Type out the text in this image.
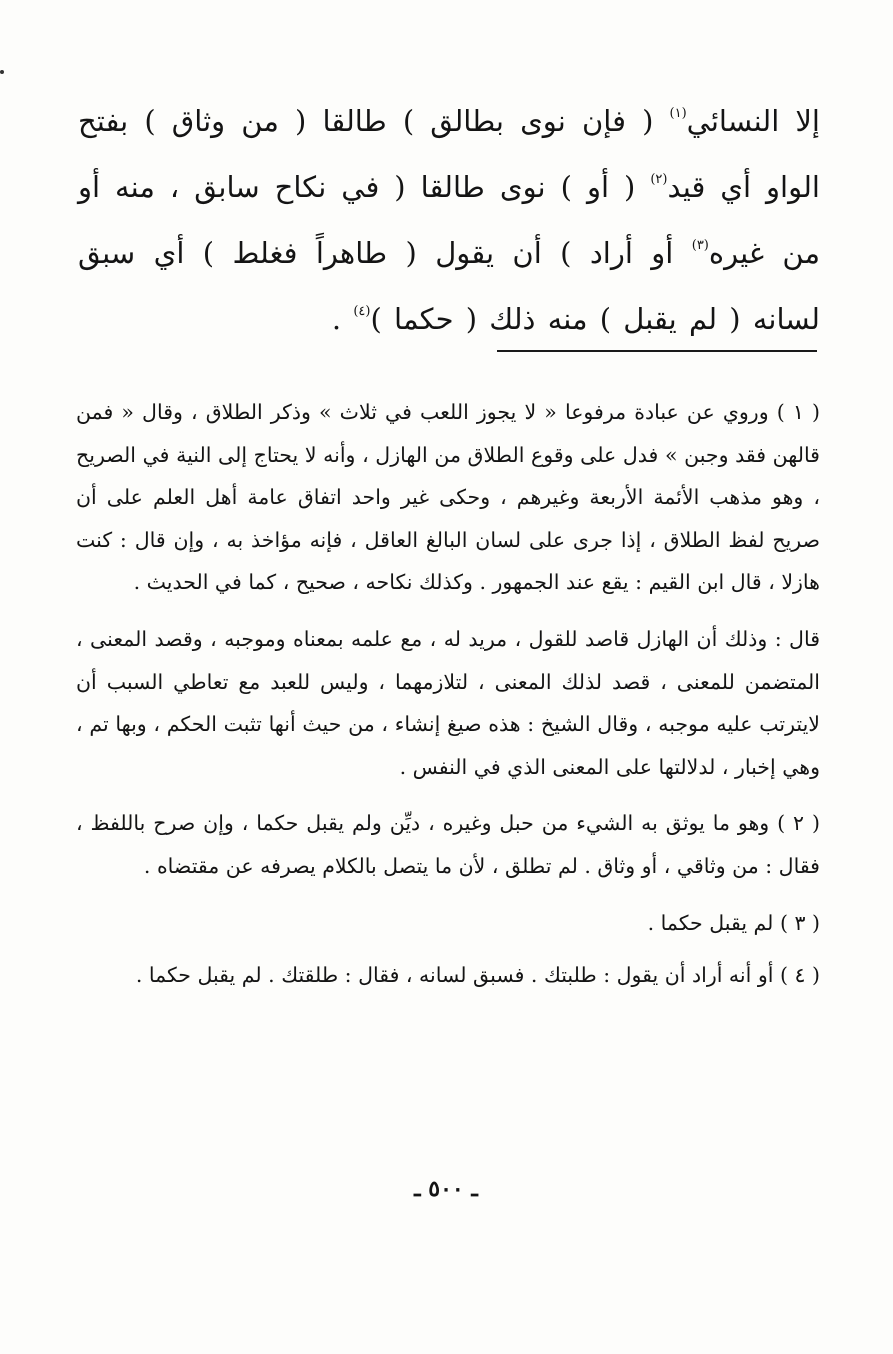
إلا النسائي$^{(١)}$ ( فإن نوى بطالق ) طالقا ( من وثاق ) بفتح الواو أي قيد$^{(٢)}$ ( أو ) نوى طالقا ( في نكاح سابق ، منه أو من غيره$^{(٣)}$ أو أراد ) أن يقول ( طاهراً فغلط ) أي سبق لسانه ( لم يقبل ) منه ذلك ( حكما )$^{(٤)}$ .

( ١ ) وروي عن عبادة مرفوعا « لا يجوز اللعب في ثلاث » وذكر الطلاق ، وقال « فمن قالهن فقد وجبن » فدل على وقوع الطلاق من الهازل ، وأنه لا يحتاج إلى النية في الصريح ، وهو مذهب الأئمة الأربعة وغيرهم ، وحكى غير واحد اتفاق عامة أهل العلم على أن صريح لفظ الطلاق ، إذا جرى على لسان البالغ العاقل ، فإنه مؤاخذ به ، وإن قال : كنت هازلا ، قال ابن القيم : يقع عند الجمهور . وكذلك نكاحه ، صحيح ، كما في الحديث .

قال : وذلك أن الهازل قاصد للقول ، مريد له ، مع علمه بمعناه وموجبه ، وقصد المعنى ، المتضمن للمعنى ، قصد لذلك المعنى ، لتلازمهما ، وليس للعبد مع تعاطي السبب أن لايترتب عليه موجبه ، وقال الشيخ : هذه صيغ إنشاء ، من حيث أنها تثبت الحكم ، وبها تم ، وهي إخبار ، لدلالتها على المعنى الذي في النفس .

( ٢ ) وهو ما يوثق به الشيء من حبل وغيره ، ديِّن ولم يقبل حكما ، وإن صرح باللفظ ، فقال : من وثاقي ، أو وثاق . لم تطلق ، لأن ما يتصل بالكلام يصرفه عن مقتضاه .

( ٣ ) لم يقبل حكما .

( ٤ ) أو أنه أراد أن يقول : طلبتك . فسبق لسانه ، فقال : طلقتك . لم يقبل حكما .

ـ ٥٠٠ ـ
